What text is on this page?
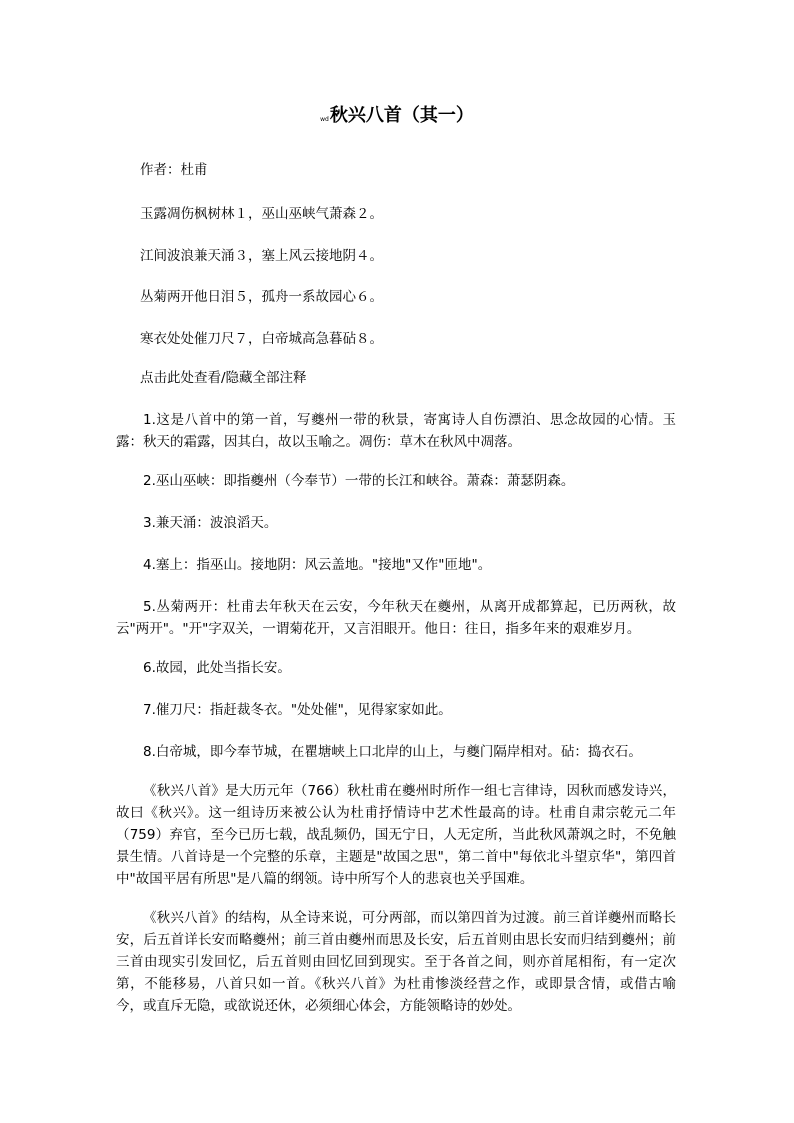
wd秋兴八首（其一）
作者：杜甫
玉露凋伤枫树林１，巫山巫峡气萧森２。
江间波浪兼天涌３，塞上风云接地阴４。
丛菊两开他日泪５，孤舟一系故园心６。
寒衣处处催刀尺７，白帝城高急暮砧８。
点击此处查看/隐藏全部注释
1.这是八首中的第一首，写夔州一带的秋景，寄寓诗人自伤漂泊、思念故园的心情。玉露：秋天的霜露，因其白，故以玉喻之。凋伤：草木在秋风中凋落。
2.巫山巫峡：即指夔州（今奉节）一带的长江和峡谷。萧森：萧瑟阴森。
3.兼天涌：波浪滔天。
4.塞上：指巫山。接地阴：风云盖地。"接地"又作"匝地"。
5.丛菊两开：杜甫去年秋天在云安，今年秋天在夔州，从离开成都算起，已历两秋，故云"两开"。"开"字双关，一谓菊花开，又言泪眼开。他日：往日，指多年来的艰难岁月。
6.故园，此处当指长安。
7.催刀尺：指赶裁冬衣。"处处催"，见得家家如此。
8.白帝城，即今奉节城，在瞿塘峡上口北岸的山上，与夔门隔岸相对。砧：捣衣石。
《秋兴八首》是大历元年（766）秋杜甫在夔州时所作一组七言律诗，因秋而感发诗兴，故曰《秋兴》。这一组诗历来被公认为杜甫抒情诗中艺术性最高的诗。杜甫自肃宗乾元二年（759）弃官，至今已历七载，战乱频仍，国无宁日，人无定所，当此秋风萧飒之时，不免触景生情。八首诗是一个完整的乐章，主题是"故国之思"，第二首中"每依北斗望京华"，第四首中"故国平居有所思"是八篇的纲领。诗中所写个人的悲哀也关乎国难。
《秋兴八首》的结构，从全诗来说，可分两部，而以第四首为过渡。前三首详夔州而略长安，后五首详长安而略夔州；前三首由夔州而思及长安，后五首则由思长安而归结到夔州；前三首由现实引发回忆，后五首则由回忆回到现实。至于各首之间，则亦首尾相衔，有一定次第，不能移易，八首只如一首。《秋兴八首》为杜甫惨淡经营之作，或即景含情，或借古喻今，或直斥无隐，或欲说还休，必须细心体会，方能领略诗的妙处。
